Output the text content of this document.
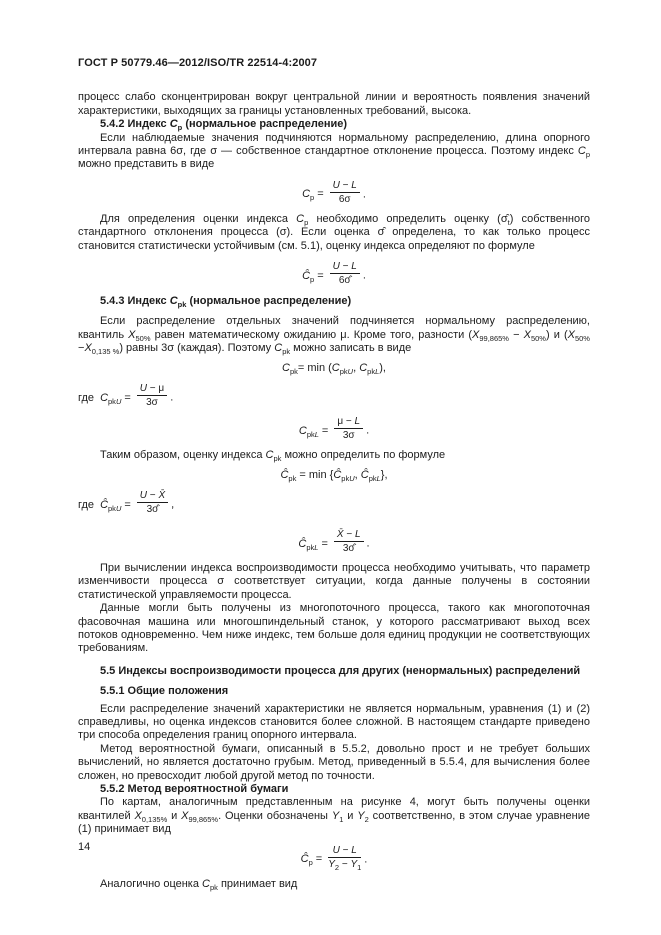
ГОСТ Р 50779.46—2012/ISO/TR 22514-4:2007

процесс слабо сконцентрирован вокруг центральной линии и вероятность появления значений характеристики, выходящих за границы установленных требований, высока.

5.4.2 Индекс $C_p$ (нормальное распределение)

Если наблюдаемые значения подчиняются нормальному распределению, длина опорного интервала равна 6σ, где σ — собственное стандартное отклонение процесса. Поэтому индекс $C_p$ можно представить в виде

$C_p = \frac{U - L}{6\sigma}$ .

Для определения оценки индекса $C_p$ необходимо определить оценку $(\sigmâ_t)$ собственного стандартного отклонения процесса (σ). Если оценка σ̂ определена, то как только процесс становится статистически устойчивым (см. 5.1), оценку индекса определяют по формуле

$Ĉ_p = \frac{U - L}{6\sigmâ}$ .
5.4.3 Индекс $C_{pk}$ (нормальное распределение)

Если распределение отдельных значений подчиняется нормальному распределению, квантиль $X_{50\%}$ равен математическому ожиданию μ. Кроме того, разности $(X_{99,865\%} - X_{50\%})$ и $(X_{50\%}-X_{0,135 \%})$ равны 3σ (каждая). Поэтому $C_{pk}$ можно записать в виде

$C_{pk}= \min (C_{pkU}$, $C_{pkL}$),
где $C_{pkU} = \frac{U - \mu}{3\sigma}$ .
$C_{pkL} = \frac{\mu - L}{3\sigma}$ .

Таким образом, оценку индекса $C_{pk}$ можно определить по формуле

$Ĉ_{pk} = \min$ {$Ĉ_{pkU}$, $Ĉ_{pkL}$},
где $Ĉ_{pkU} = \frac{U - X̄}{3\sigmâ}$ ,
$Ĉ_{pkL} = \frac{X̄ - L}{3\sigmâ}$ .

При вычислении индекса воспроизводимости процесса необходимо учитывать, что параметр изменчивости процесса σ соответствует ситуации, когда данные получены в состоянии статистической управляемости процесса.

Данные могли быть получены из многопоточного процесса, такого как многопоточная фасовочная машина или многошпиндельный станок, у которого рассматривают выход всех потоков одновременно. Чем ниже индекс, тем больше доля единиц продукции не соответствующих требованиям.

5.5 Индексы воспроизводимости процесса для других (ненормальных) распределений
5.5.1 Общие положения

Если распределение значений характеристики не является нормальным, уравнения (1) и (2) справедливы, но оценка индексов становится более сложной. В настоящем стандарте приведено три способа определения границ опорного интервала.

Метод вероятностной бумаги, описанный в 5.5.2, довольно прост и не требует больших вычислений, но является достаточно грубым. Метод, приведенный в 5.5.4, для вычисления более сложен, но превосходит любой другой метод по точности.

5.5.2 Метод вероятностной бумаги

По картам, аналогичным представленным на рисунке 4, могут быть получены оценки квантилей $X_{0,135\%}$ и $X_{99,865\%}$. Оценки обозначены $Y_1$ и $Y_2$ соответственно, в этом случае уравнение (1) принимает вид

$Ĉ_p = \frac{U - L}{Y_2 - Y_1}$ .

Аналогично оценка $C_{pk}$ принимает вид

14
